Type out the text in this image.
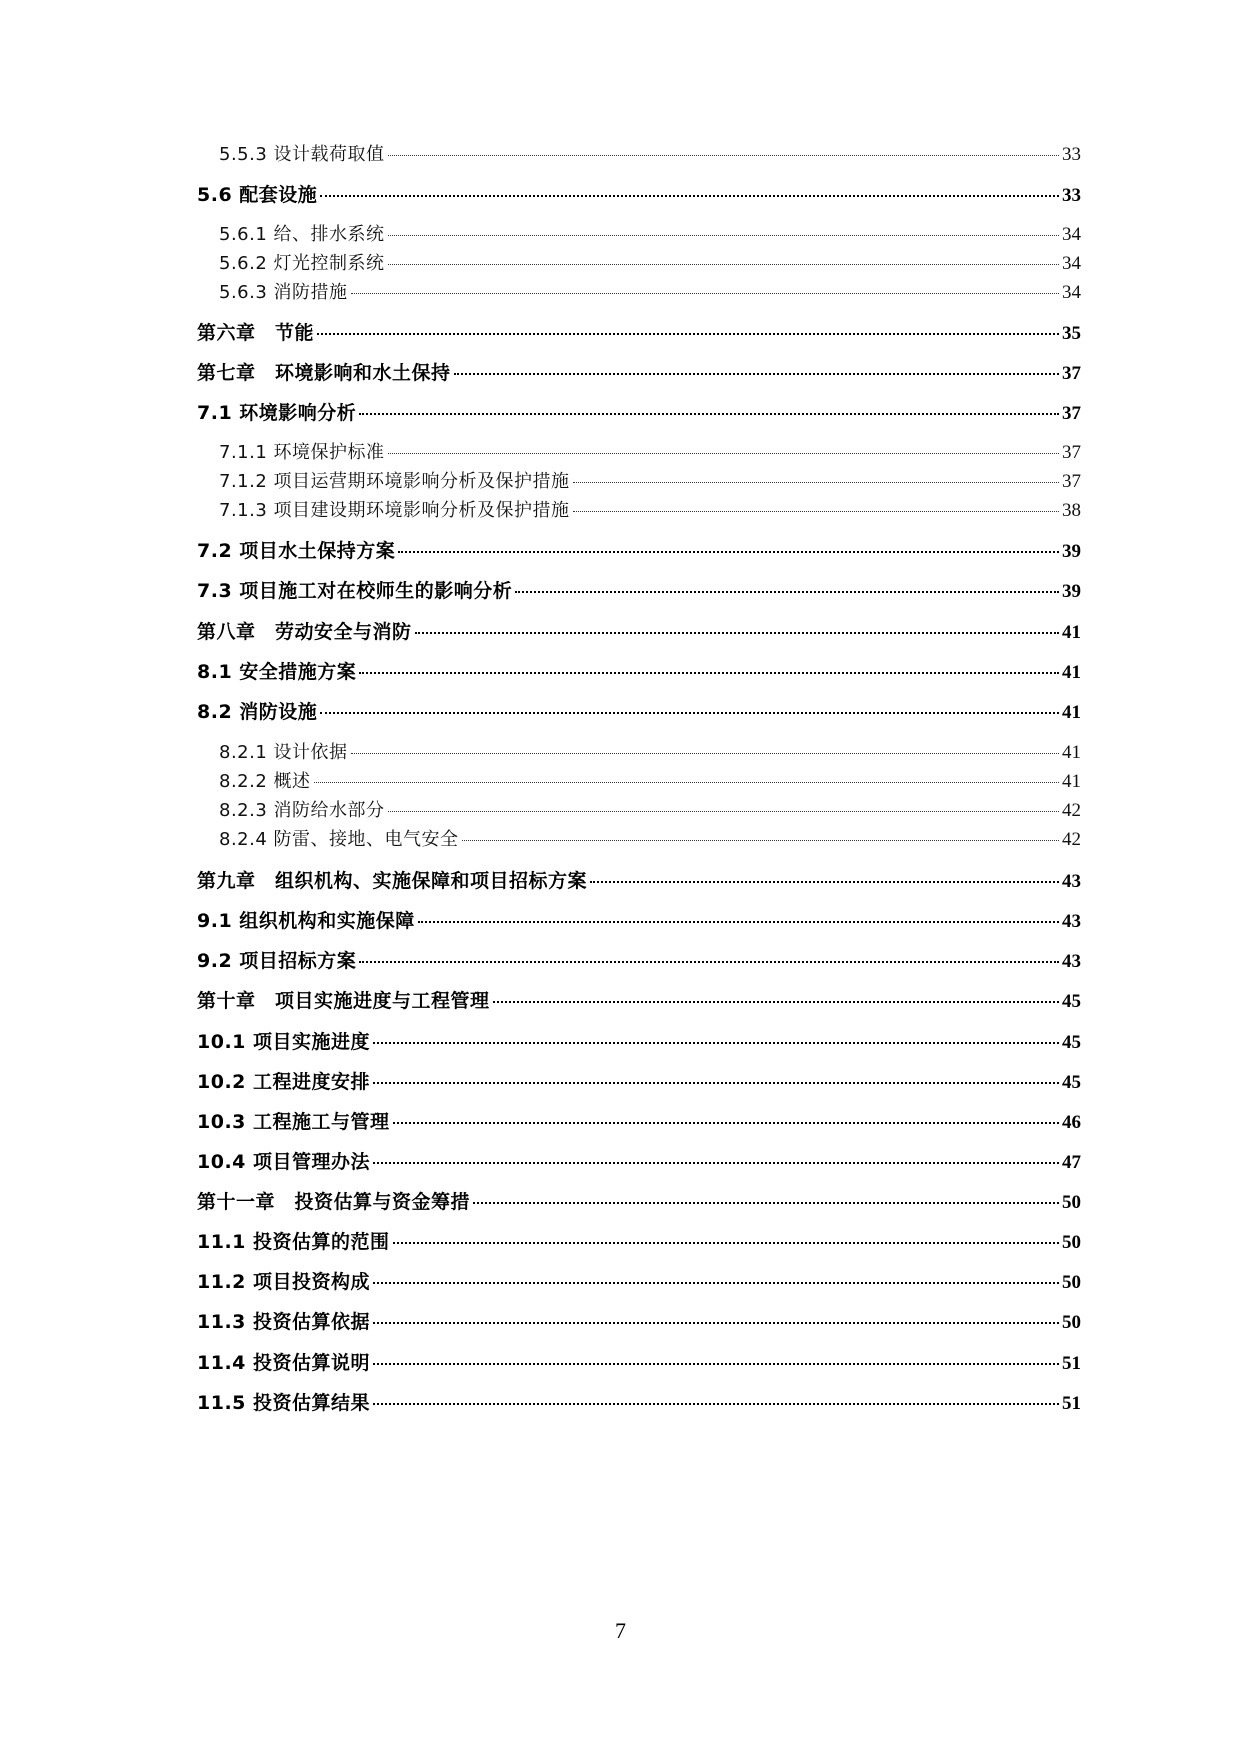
5.5.3 设计载荷取值	33
5.6 配套设施	33
5.6.1 给、排水系统	34
5.6.2 灯光控制系统	34
5.6.3 消防措施	34
第六章　节能	35
第七章　环境影响和水土保持	37
7.1 环境影响分析	37
7.1.1 环境保护标准	37
7.1.2 项目运营期环境影响分析及保护措施	37
7.1.3 项目建设期环境影响分析及保护措施	38
7.2 项目水土保持方案	39
7.3 项目施工对在校师生的影响分析	39
第八章　劳动安全与消防	41
8.1 安全措施方案	41
8.2 消防设施	41
8.2.1 设计依据	41
8.2.2 概述	41
8.2.3 消防给水部分	42
8.2.4 防雷、接地、电气安全	42
第九章　组织机构、实施保障和项目招标方案	43
9.1 组织机构和实施保障	43
9.2 项目招标方案	43
第十章　项目实施进度与工程管理	45
10.1 项目实施进度	45
10.2 工程进度安排	45
10.3 工程施工与管理	46
10.4 项目管理办法	47
第十一章　投资估算与资金筹措	50
11.1 投资估算的范围	50
11.2 项目投资构成	50
11.3 投资估算依据	50
11.4 投资估算说明	51
11.5 投资估算结果	51
7
